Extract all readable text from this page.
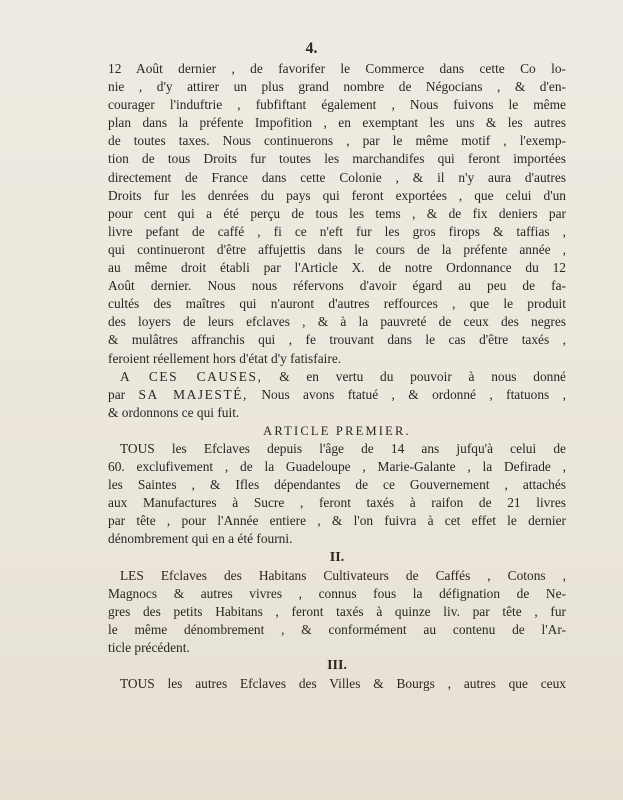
4.
12 Août dernier , de favorifer le Commerce dans cette Co lo-
nie , d'y attirer un plus grand nombre de Négocians , & d'en-
courager l'induftrie , fubfiftant également , Nous fuivons le même
plan dans la préfente Impofition , en exemptant les uns & les autres
de toutes taxes. Nous continuerons , par le même motif , l'exemp-
tion de tous Droits fur toutes les marchandifes qui feront importées
directement de France dans cette Colonie , & il n'y aura d'autres
Droits fur les denrées du pays qui feront exportées , que celui d'un
pour cent qui a été perçu de tous les tems , & de fix deniers par
livre pefant de caffé , fi ce n'eft fur les gros firops & taffias ,
qui continueront d'être affujettis dans le cours de la préfente année ,
au même droit établi par l'Article X. de notre Ordonnance du 12
Août dernier. Nous nous réfervons d'avoir égard au peu de fa-
cultés des maîtres qui n'auront d'autres reffources , que le produit
des loyers de leurs efclaves , & à la pauvreté de ceux des negres
& mulâtres affranchis qui , fe trouvant dans le cas d'être taxés ,
feroient réellement hors d'état d'y fatisfaire.
A CES CAUSES, & en vertu du pouvoir à nous donné
par SA MAJESTÉ, Nous avons ftatué , & ordonné , ftatuons ,
& ordonnons ce qui fuit.
ARTICLE PREMIER.
TOUS les Efclaves depuis l'âge de 14 ans jufqu'à celui de
60. exclufivement , de la Guadeloupe , Marie-Galante , la Defirade ,
les Saintes , & Ifles dépendantes de ce Gouvernement , attachés
aux Manufactures à Sucre , feront taxés à raifon de 21 livres
par tête , pour l'Année entiere , & l'on fuivra à cet effet le dernier
dénombrement qui en a été fourni.
II.
LES Efclaves des Habitans Cultivateurs de Caffés , Cotons ,
Magnocs & autres vivres , connus fous la défignation de Ne-
gres des petits Habitans , feront taxés à quinze liv. par tête , fur
le même dénombrement , & conformément au contenu de l'Ar-
ticle précédent.
III.
TOUS les autres Efclaves des Villes & Bourgs , autres que ceux
